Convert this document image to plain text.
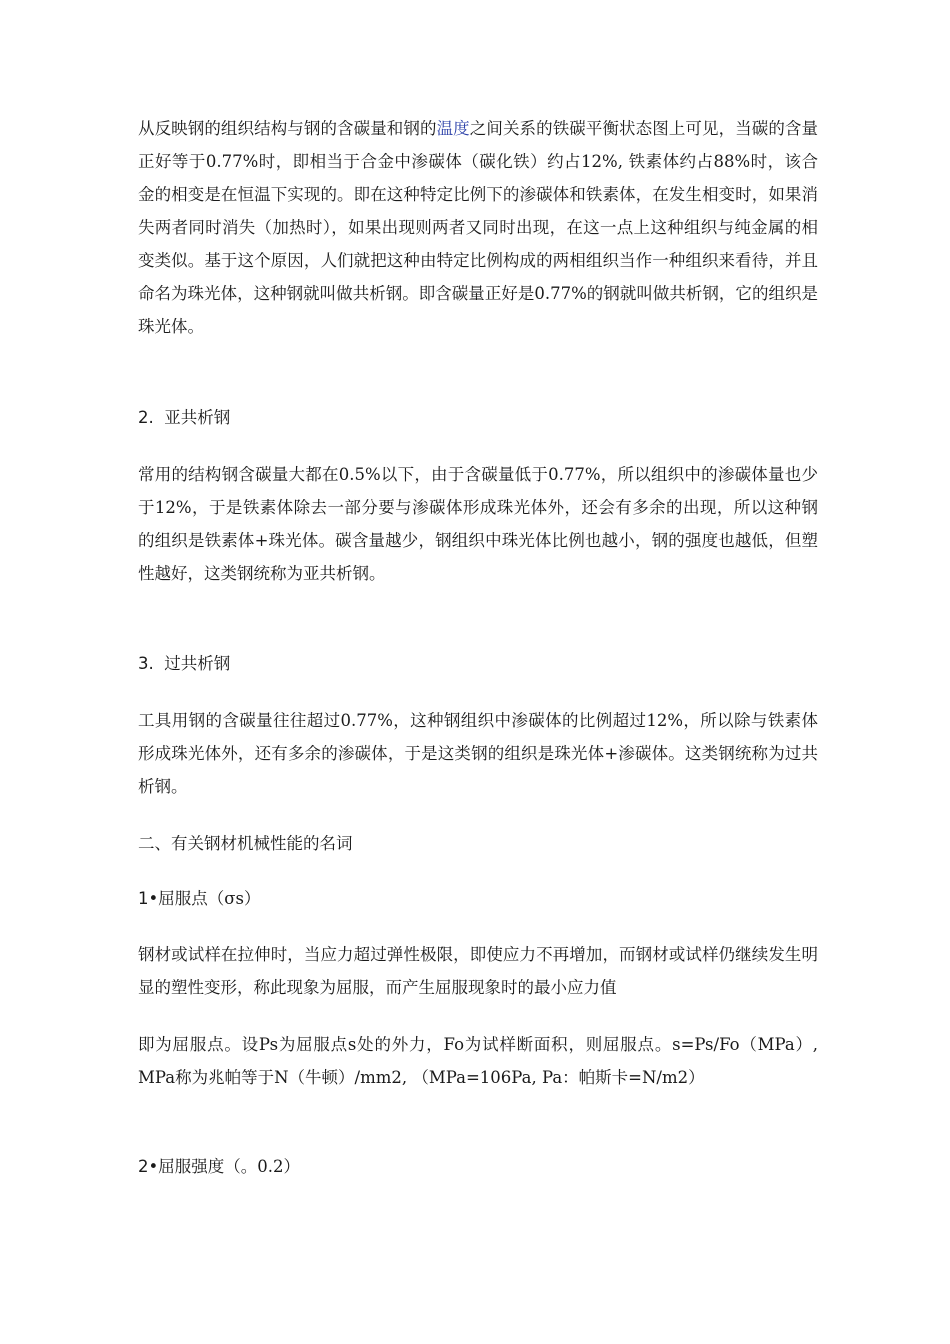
从反映钢的组织结构与钢的含碳量和钢的温度之间关系的铁碳平衡状态图上可见，当碳的含量正好等于0.77%时，即相当于合金中渗碳体（碳化铁）约占12%, 铁素体约占88%时，该合金的相变是在恒温下实现的。即在这种特定比例下的渗碳体和铁素体，在发生相变时，如果消失两者同时消失（加热时），如果出现则两者又同时出现，在这一点上这种组织与纯金属的相变类似。基于这个原因，人们就把这种由特定比例构成的两相组织当作一种组织来看待，并且命名为珠光体，这种钢就叫做共析钢。即含碳量正好是0.77%的钢就叫做共析钢，它的组织是珠光体。

2. 亚共析钢

常用的结构钢含碳量大都在0.5%以下，由于含碳量低于0.77%，所以组织中的渗碳体量也少于12%，于是铁素体除去一部分要与渗碳体形成珠光体外，还会有多余的出现，所以这种钢的组织是铁素体+珠光体。碳含量越少，钢组织中珠光体比例也越小，钢的强度也越低，但塑性越好，这类钢统称为亚共析钢。

3. 过共析钢

工具用钢的含碳量往往超过0.77%，这种钢组织中渗碳体的比例超过12%，所以除与铁素体形成珠光体外，还有多余的渗碳体，于是这类钢的组织是珠光体+渗碳体。这类钢统称为过共析钢。

二、有关钢材机械性能的名词
1•屈服点（σs）

钢材或试样在拉伸时，当应力超过弹性极限，即使应力不再增加，而钢材或试样仍继续发生明显的塑性变形，称此现象为屈服，而产生屈服现象时的最小应力值

即为屈服点。设Ps为屈服点s处的外力，Fo为试样断面积，则屈服点。s=Ps/Fo（MPa）, MPa称为兆帕等于N（牛顿）/mm2, （MPa=106Pa, Pa：帕斯卡=N/m2）

2•屈服强度（。0.2）
